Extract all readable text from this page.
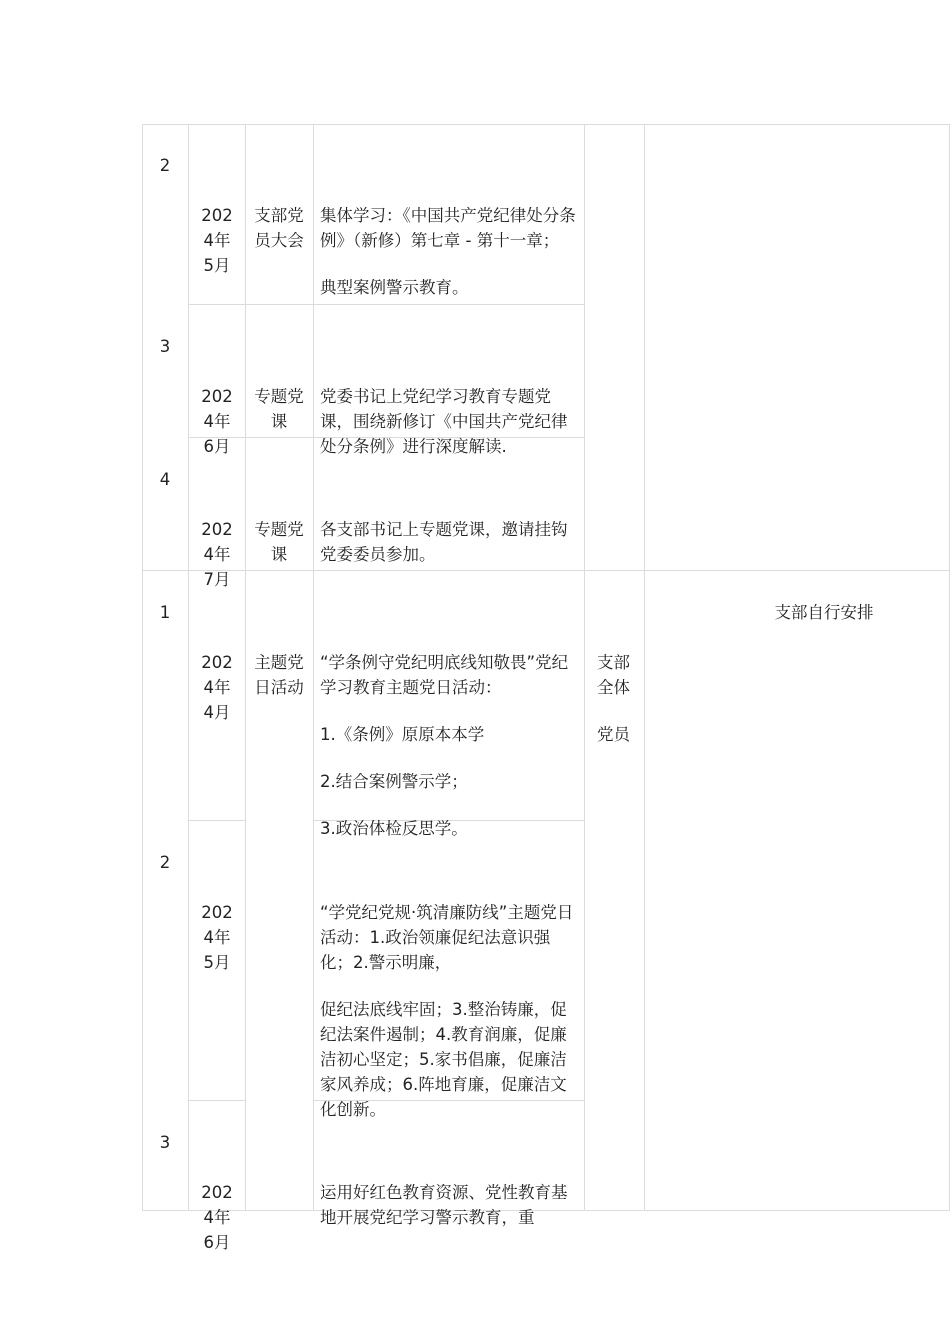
2

202
4年
5月

支部党
员大会

集体学习：《中国共产党纪律处分条例》（新修）第七章 - 第十一章；

典型案例警示教育。

3

202
4年
6月

专题党
课

党委书记上党纪学习教育专题党课，围绕新修订《中国共产党纪律处分条例》进行深度解读.

4

202
4年
7月

专题党
课

各支部书记上专题党课，邀请挂钩党委委员参加。

1

202
4年
4月

主题党
日活动

“学条例守党纪明底线知敬畏”党纪学习教育主题党日活动：

1.《条例》原原本本学

2.结合案例警示学；

3.政治体检反思学。

支部
全体
党员

支部自行安排
2

202
4年
5月

“学党纪党规·筑清廉防线”主题党日活动：1.政治领廉促纪法意识强化；2.警示明廉，

促纪法底线牢固；3.整治铸廉，促纪法案件遏制；4.教育润廉，促廉洁初心坚定；5.家书倡廉，促廉洁家风养成；6.阵地育廉，促廉洁文化创新。

3

202
4年
6月

运用好红色教育资源、党性教育基地开展党纪学习警示教育，重
